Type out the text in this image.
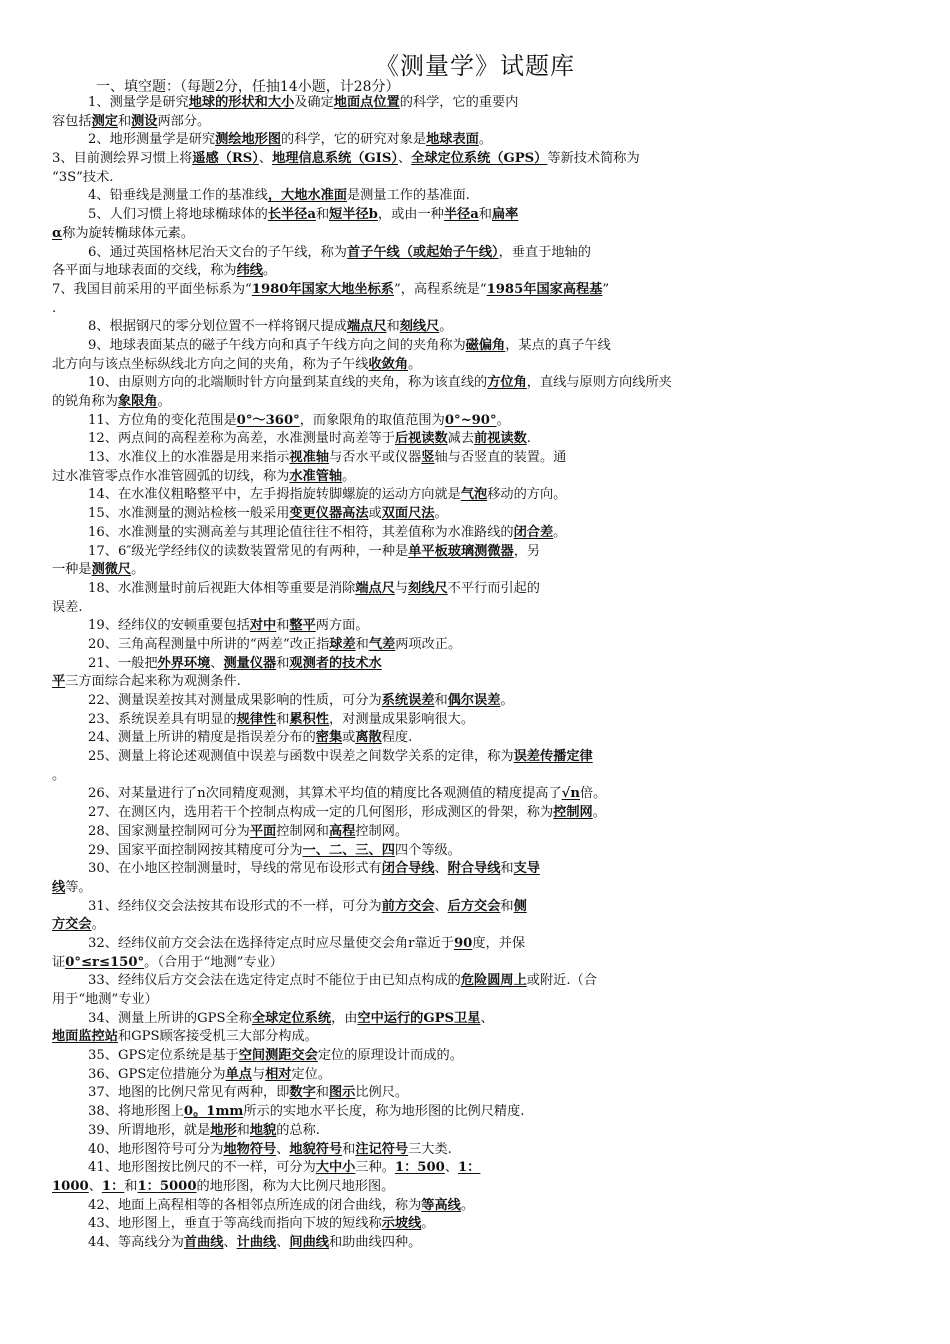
《测量学》试题库
一、填空题：（每题2分，任抽14小题，计28分）
1、测量学是研究地球的形状和大小及确定地面点位置的科学，它的重要内
容包括测定和测设两部分。
2、地形测量学是研究测绘地形图的科学，它的研究对象是地球表面。
3、目前测绘界习惯上将遥感（RS）、地理信息系统（GIS）、全球定位系统（GPS）等新技术简称为
“3S”技术.
4、铅垂线是测量工作的基准线，大地水准面是测量工作的基准面.
5、人们习惯上将地球椭球体的长半径a和短半径b，或由一种半径a和扁率
α称为旋转椭球体元素。
6、通过英国格林尼治天文台的子午线，称为首子午线（或起始子午线），垂直于地轴的
各平面与地球表面的交线，称为纬线。
7、我国目前采用的平面坐标系为“1980年国家大地坐标系”，高程系统是“1985年国家高程基”
.
8、根据钢尺的零分划位置不一样将钢尺提成端点尺和刻线尺。
9、地球表面某点的磁子午线方向和真子午线方向之间的夹角称为磁偏角，某点的真子午线
北方向与该点坐标纵线北方向之间的夹角，称为子午线收敛角。
10、由原则方向的北端顺时针方向量到某直线的夹角，称为该直线的方位角，直线与原则方向线所夹
的锐角称为象限角。
11、方位角的变化范围是0°～360°，而象限角的取值范围为0°~90°。
12、两点间的高程差称为高差，水准测量时高差等于后视读数减去前视读数.
13、水准仪上的水准器是用来指示视准轴与否水平或仪器竖轴与否竖直的装置。通
过水准管零点作水准管圆弧的切线，称为水准管轴。
14、在水准仪粗略整平中，左手拇指旋转脚螺旋的运动方向就是气泡移动的方向。
15、水准测量的测站检核一般采用变更仪器高法或双面尺法。
16、水准测量的实测高差与其理论值往往不相符，其差值称为水准路线的闭合差。
17、6″级光学经纬仪的读数装置常见的有两种，一种是单平板玻璃测微器，另
一种是测微尺。
18、水准测量时前后视距大体相等重要是消除端点尺与刻线尺不平行而引起的
误差.
19、经纬仪的安顿重要包括对中和整平两方面。
20、三角高程测量中所讲的“两差”改正指球差和气差两项改正。
21、一般把外界环境、测量仪器和观测者的技术水
平三方面综合起来称为观测条件.
22、测量误差按其对测量成果影响的性质，可分为系统误差和偶尔误差。
23、系统误差具有明显的规律性和累积性，对测量成果影响很大。
24、测量上所讲的精度是指误差分布的密集或离散程度.
25、测量上将论述观测值中误差与函数中误差之间数学关系的定律，称为误差传播定律
。
26、对某量进行了n次同精度观测，其算术平均值的精度比各观测值的精度提高了√n倍。
27、在测区内，选用若干个控制点构成一定的几何图形，形成测区的骨架，称为控制网。
28、国家测量控制网可分为平面控制网和高程控制网。
29、国家平面控制网按其精度可分为一、二、三、四四个等级。
30、在小地区控制测量时，导线的常见布设形式有闭合导线、附合导线和支导
线等。
31、经纬仪交会法按其布设形式的不一样，可分为前方交会、后方交会和侧
方交会。
32、经纬仪前方交会法在选择待定点时应尽量使交会角r靠近于90度，并保
证0°≤r≤150°。（合用于“地测”专业）
33、经纬仪后方交会法在选定待定点时不能位于由已知点构成的危险圆周上或附近.（合
用于“地测”专业）
34、测量上所讲的GPS全称全球定位系统，由空中运行的GPS卫星、
地面监控站和GPS顾客接受机三大部分构成。
35、GPS定位系统是基于空间测距交会定位的原理设计而成的。
36、GPS定位措施分为单点与相对定位。
37、地图的比例尺常见有两种，即数字和图示比例尺。
38、将地形图上0。1mm所示的实地水平长度，称为地形图的比例尺精度.
39、所谓地形，就是地形和地貌的总称.
40、地形图符号可分为地物符号、地貌符号和注记符号三大类.
41、地形图按比例尺的不一样，可分为大中小三种。1：500、1：
1000、1：和1：5000的地形图，称为大比例尺地形图。
42、地面上高程相等的各相邻点所连成的闭合曲线，称为等高线。
43、地形图上，垂直于等高线而指向下坡的短线称示坡线。
44、等高线分为首曲线、计曲线、间曲线和助曲线四种。
